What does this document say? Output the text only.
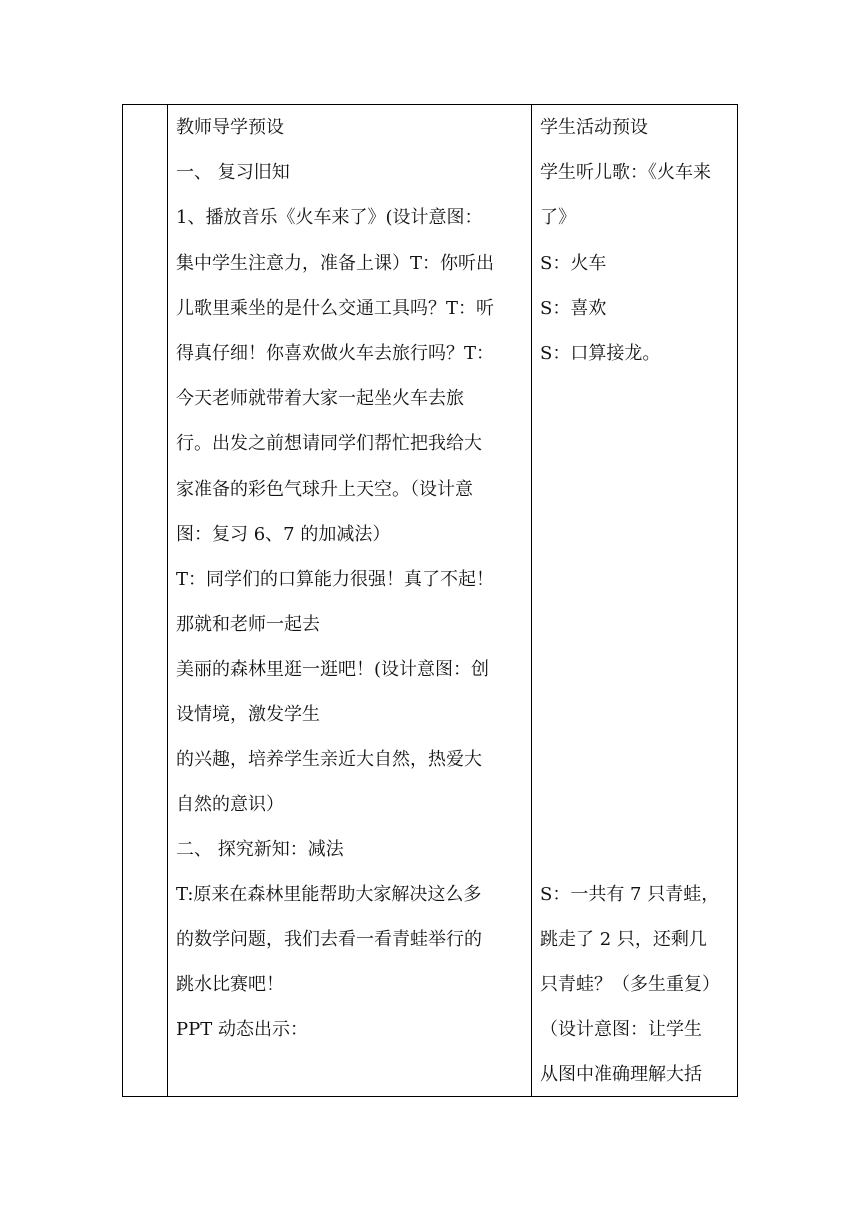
教师导学预设
一、 复习旧知
1、播放音乐《火车来了》(设计意图：
集中学生注意力，准备上课）T：你听出
儿歌里乘坐的是什么交通工具吗？T：听
得真仔细！你喜欢做火车去旅行吗？T：
今天老师就带着大家一起坐火车去旅
行。出发之前想请同学们帮忙把我给大
家准备的彩色气球升上天空。（设计意
图：复习 6、7 的加减法）
T：同学们的口算能力很强！真了不起！
那就和老师一起去
美丽的森林里逛一逛吧！(设计意图：创
设情境，激发学生
的兴趣，培养学生亲近大自然，热爱大
自然的意识）
二、 探究新知：减法
T:原来在森林里能帮助大家解决这么多
的数学问题，我们去看一看青蛙举行的
跳水比赛吧！
PPT 动态出示：
学生活动预设
学生听儿歌：《火车来
了》
S：火车
S：喜欢
S：口算接龙。
S：一共有 7 只青蛙，
跳走了 2 只，还剩几
只青蛙？（多生重复）
（设计意图：让学生
从图中准确理解大括
